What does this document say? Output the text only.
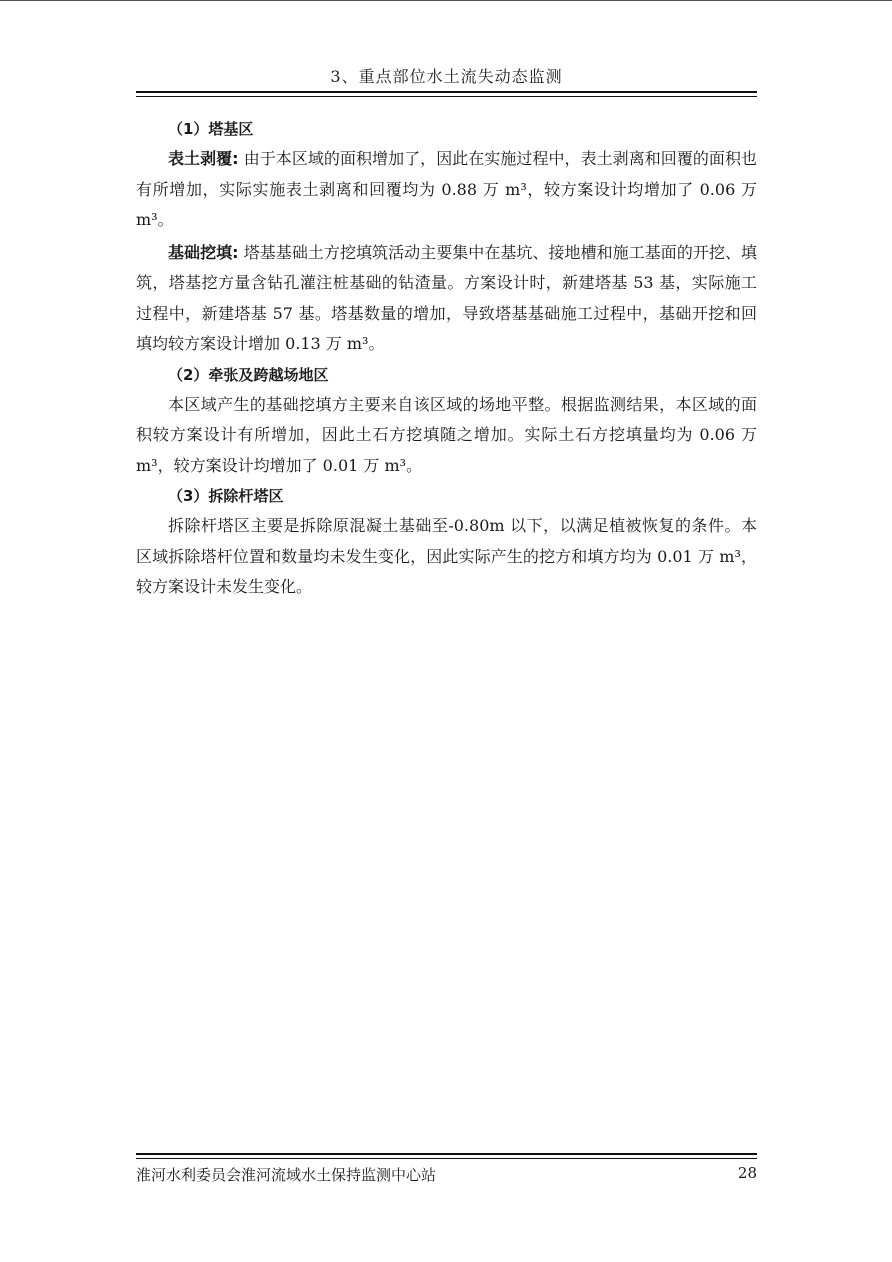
3、重点部位水土流失动态监测
（1）塔基区

表土剥覆: 由于本区域的面积增加了，因此在实施过程中，表土剥离和回覆的面积也有所增加，实际实施表土剥离和回覆均为 0.88 万 m³，较方案设计均增加了 0.06 万 m³。

基础挖填: 塔基基础土方挖填筑活动主要集中在基坑、接地槽和施工基面的开挖、填筑，塔基挖方量含钻孔灌注桩基础的钻渣量。方案设计时，新建塔基 53 基，实际施工过程中，新建塔基 57 基。塔基数量的增加，导致塔基基础施工过程中，基础开挖和回填均较方案设计增加 0.13 万 m³。

（2）牵张及跨越场地区

本区域产生的基础挖填方主要来自该区域的场地平整。根据监测结果，本区域的面积较方案设计有所增加，因此土石方挖填随之增加。实际土石方挖填量均为 0.06 万 m³，较方案设计均增加了 0.01 万 m³。

（3）拆除杆塔区

拆除杆塔区主要是拆除原混凝土基础至-0.80m 以下，以满足植被恢复的条件。本区域拆除塔杆位置和数量均未发生变化，因此实际产生的挖方和填方均为 0.01 万 m³，较方案设计未发生变化。

淮河水利委员会淮河流域水土保持监测中心站	28
